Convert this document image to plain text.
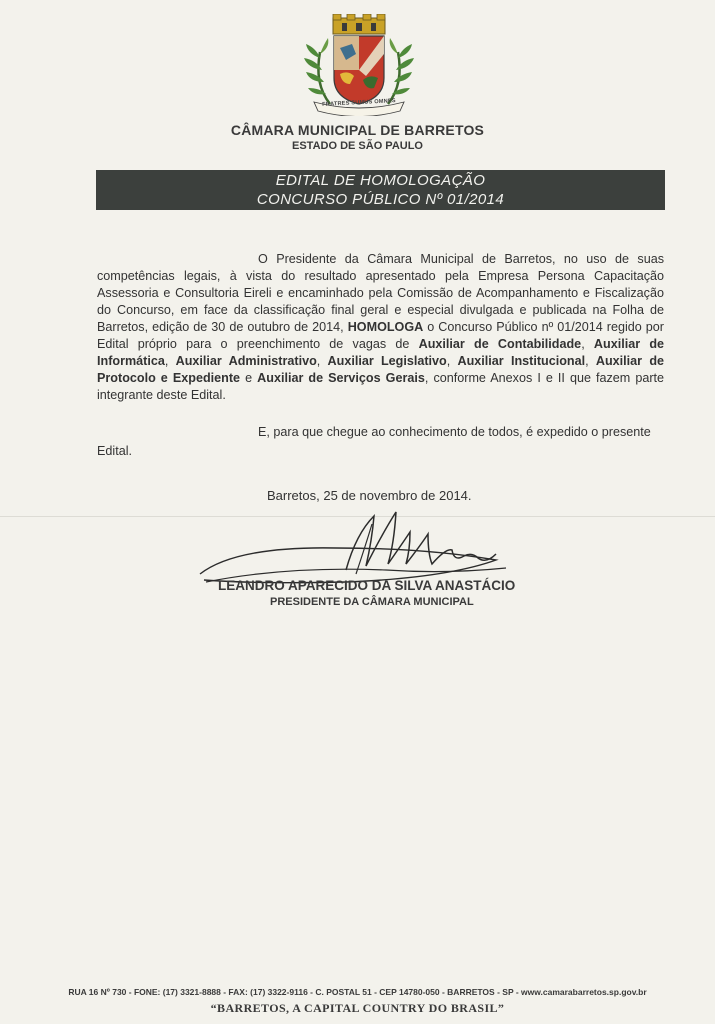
FRATRES SUMUS OMNES
CÂMARA MUNICIPAL DE BARRETOS
ESTADO DE SÃO PAULO
EDITAL DE HOMOLOGAÇÃO
CONCURSO PÚBLICO Nº 01/2014

O Presidente da Câmara Municipal de Barretos, no uso de suas competências legais, à vista do resultado apresentado pela Empresa Persona Capacitação Assessoria e Consultoria Eireli e encaminhado pela Comissão de Acompanhamento e Fiscalização do Concurso, em face da classificação final geral e especial divulgada e publicada na Folha de Barretos, edição de 30 de outubro de 2014, HOMOLOGA o Concurso Público nº 01/2014 regido por Edital próprio para o preenchimento de vagas de Auxiliar de Contabilidade, Auxiliar de Informática, Auxiliar Administrativo, Auxiliar Legislativo, Auxiliar Institucional, Auxiliar de Protocolo e Expediente e Auxiliar de Serviços Gerais, conforme Anexos I e II que fazem parte integrante deste Edital.

E, para que chegue ao conhecimento de todos, é expedido o presente Edital.

Barretos, 25 de novembro de 2014.
LEANDRO APARECIDO DA SILVA ANASTÁCIO
PRESIDENTE DA CÂMARA MUNICIPAL
RUA 16 Nº 730 - FONE: (17) 3321-8888 - FAX: (17) 3322-9116 - C. POSTAL 51 - CEP 14780-050 - BARRETOS - SP - www.camarabarretos.sp.gov.br
“BARRETOS, A CAPITAL COUNTRY DO BRASIL”
